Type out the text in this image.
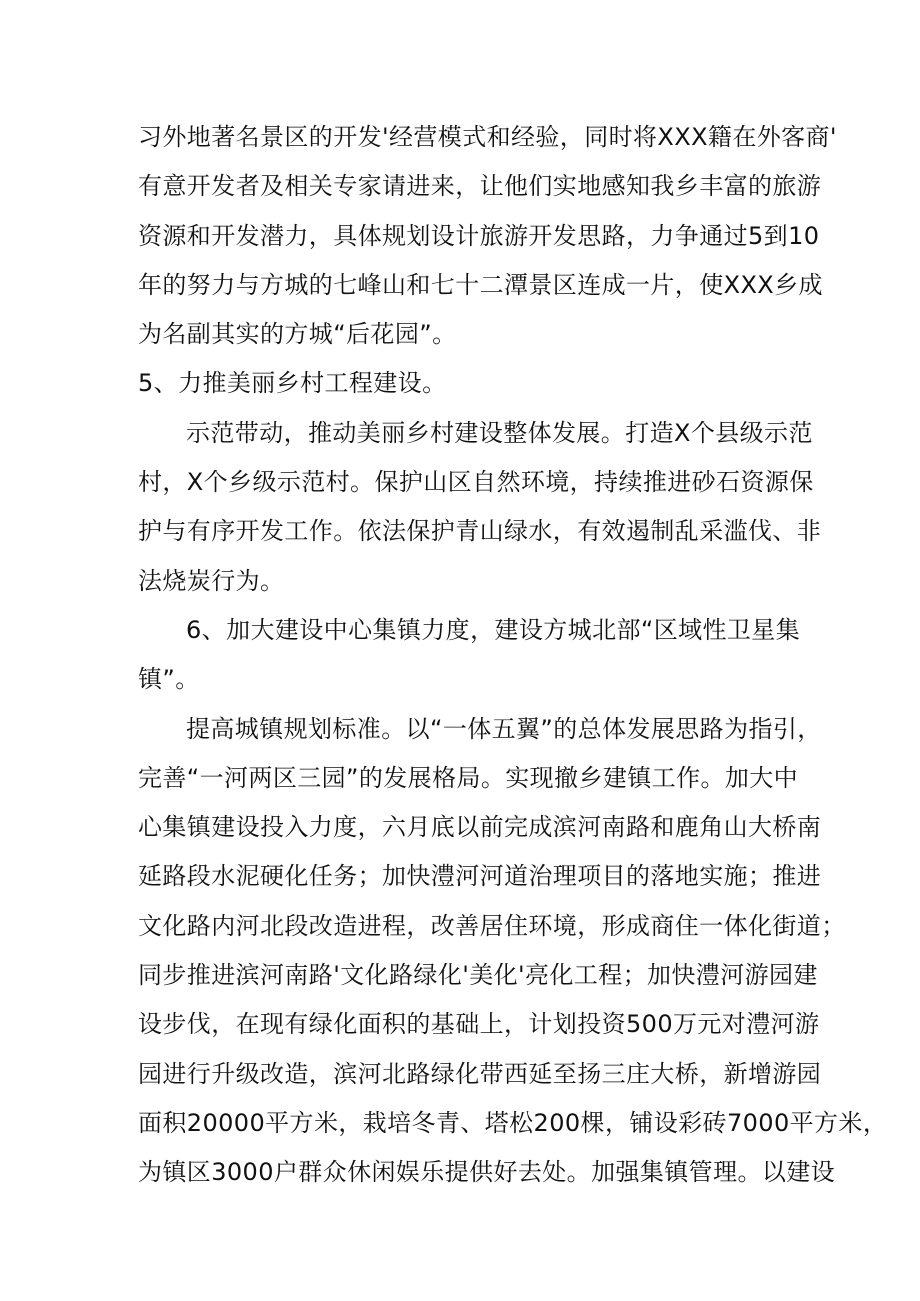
习外地著名景区的开发'经营模式和经验，同时将XXX籍在外客商'
有意开发者及相关专家请进来，让他们实地感知我乡丰富的旅游
资源和开发潜力，具体规划设计旅游开发思路，力争通过5到10
年的努力与方城的七峰山和七十二潭景区连成一片，使XXX乡成
为名副其实的方城“后花园”。
5、力推美丽乡村工程建设。
示范带动，推动美丽乡村建设整体发展。打造X个县级示范
村，X个乡级示范村。保护山区自然环境，持续推进砂石资源保
护与有序开发工作。依法保护青山绿水，有效遏制乱采滥伐、非
法烧炭行为。
6、加大建设中心集镇力度，建设方城北部“区域性卫星集
镇”。
提高城镇规划标准。以“一体五翼”的总体发展思路为指引，
完善“一河两区三园”的发展格局。实现撤乡建镇工作。加大中
心集镇建设投入力度，六月底以前完成滨河南路和鹿角山大桥南
延路段水泥硬化任务；加快澧河河道治理项目的落地实施；推进
文化路内河北段改造进程，改善居住环境，形成商住一体化街道；
同步推进滨河南路'文化路绿化'美化'亮化工程；加快澧河游园建
设步伐，在现有绿化面积的基础上，计划投资500万元对澧河游
园进行升级改造，滨河北路绿化带西延至扬三庄大桥，新增游园
面积20000平方米，栽培冬青、塔松200棵，铺设彩砖7000平方米，
为镇区3000户群众休闲娱乐提供好去处。加强集镇管理。以建设
